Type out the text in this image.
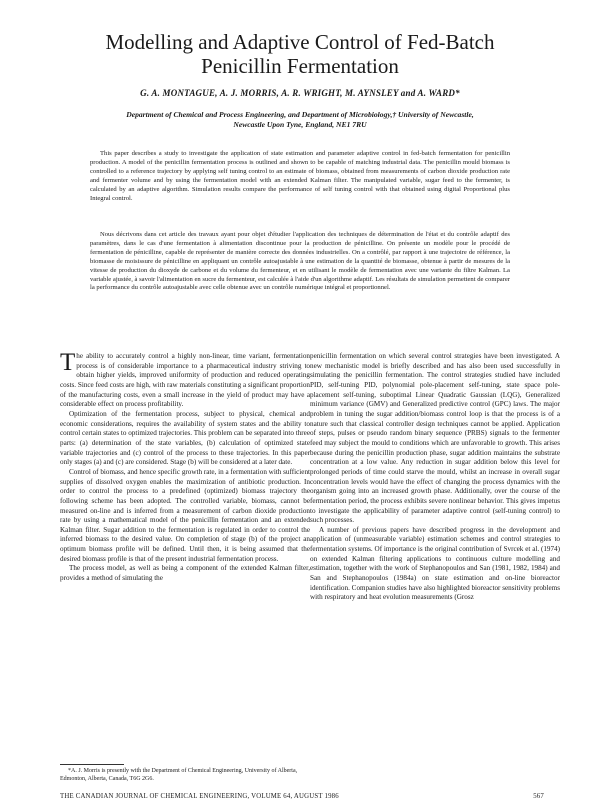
Modelling and Adaptive Control of Fed-Batch
Penicillin Fermentation
G. A. MONTAGUE, A. J. MORRIS, A. R. WRIGHT, M. AYNSLEY and A. WARD*
Department of Chemical and Process Engineering, and Department of Microbiology,† University of Newcastle,
Newcastle Upon Tyne, England, NE1 7RU

This paper describes a study to investigate the application of state estimation and parameter adaptive control in fed-batch fermentation for penicillin production. A model of the penicillin fermentation process is outlined and shown to be capable of matching industrial data. The penicillin mould biomass is controlled to a reference trajectory by applying self tuning control to an estimate of biomass, obtained from measurements of carbon dioxide production rate and fermenter volume and by using the fermentation model with an extended Kalman filter. The manipulated variable, sugar feed to the fermenter, is calculated by an adaptive algorithm. Simulation results compare the performance of self tuning control with that obtained using digital Proportional plus Integral control.

Nous décrivons dans cet article des travaux ayant pour objet d'étudier l'application des techniques de détermination de l'état et du contrôle adaptif des paramètres, dans le cas d'une fermentation à alimentation discontinue pour la production de pénicilline. On présente un modèle pour le procédé de fermentation de pénicilline, capable de représenter de manière correcte des données industrielles. On a contrôlé, par rapport à une trajectoire de référence, la biomasse de moisissure de pénicilline en appliquant un contrôle autoajustable à une estimation de la quantité de biomasse, obtenue à partir de mesures de la vitesse de production du dioxyde de carbone et du volume du fermenteur, et en utilisant le modèle de fermentation avec une variante du filtre Kalman. La variable ajustée, à savoir l'alimentation en sucre du fermenteur, est calculée à l'aide d'un algorithme adaptif. Les résultats de simulation permettent de comparer la performance du contrôle autoajustable avec celle obtenue avec un contrôle numérique intégral et proportionnel.

The ability to accurately control a highly non-linear, time variant, fermentation process is of considerable importance to a pharmaceutical industry striving to obtain higher yields, improved uniformity of production and reduced operating costs. Since feed costs are high, with raw materials constituting a significant proportion of the manufacturing costs, even a small increase in the yield of product may have a considerable effect on process profitability.

Optimization of the fermentation process, subject to physical, chemical and economic considerations, requires the availability of system states and the ability to control certain states to optimized trajectories. This problem can be separated into three parts: (a) determination of the state variables, (b) calculation of optimized state variable trajectories and (c) control of the process to these trajectories. In this paper only stages (a) and (c) are considered. Stage (b) will be considered at a later date.

Control of biomass, and hence specific growth rate, in a fermentation with sufficient supplies of dissolved oxygen enables the maximization of antibiotic production. In order to control the process to a predefined (optimized) biomass trajectory the following scheme has been adopted. The controlled variable, biomass, cannot be measured on-line and is inferred from a measurement of carbon dioxide production rate by using a mathematical model of the penicillin fermentation and an extended Kalman filter. Sugar addition to the fermentation is regulated in order to control the inferred biomass to the desired value. On completion of stage (b) of the project an optimum biomass profile will be defined. Until then, it is being assumed that the desired biomass profile is that of the present industrial fermentation process.

The process model, as well as being a component of the extended Kalman filter, provides a method of simulating the

penicillin fermentation on which several control strategies have been investigated. A new mechanistic model is briefly described and has also been used successfully in simulating the penicillin fermentation. The control strategies studied have included PID, self-tuning PID, polynomial pole-placement self-tuning, state space pole-placement self-tuning, suboptimal Linear Quadratic Gaussian (LQG), Generalized minimum variance (GMV) and Generalized predictive control (GPC) laws. The major problem in tuning the sugar addition/biomass control loop is that the process is of a nature such that classical controller design techniques cannot be applied. Application of steps, pulses or pseudo random binary sequence (PRBS) signals to the fermenter feed may subject the mould to conditions which are unfavorable to growth. This arises because during the penicillin production phase, sugar addition maintains the substrate concentration at a low value. Any reduction in sugar addition below this level for prolonged periods of time could starve the mould, whilst an increase in overall sugar concentration levels would have the effect of changing the process dynamics with the organism going into an increased growth phase. Additionally, over the course of the fermentation period, the process exhibits severe nonlinear behavior. This gives impetus to investigate the applicability of parameter adaptive control (self-tuning control) to such processes.

A number of previous papers have described progress in the development and application of (unmeasurable variable) estimation schemes and control strategies to fermentation systems. Of importance is the original contribution of Svrcek et al. (1974) on extended Kalman filtering applications to continuous culture modelling and estimation, together with the work of Stephanopoulos and San (1981, 1982, 1984) and San and Stephanopoulos (1984a) on state estimation and on-line bioreactor identification. Companion studies have also highlighted bioreactor sensitivity problems with respiratory and heat evolution measurements (Grosz

*A. J. Morris is presently with the Department of Chemical Engineering, University of Alberta, Edmonton, Alberta, Canada, T6G 2G6.

THE CANADIAN JOURNAL OF CHEMICAL ENGINEERING, VOLUME 64, AUGUST 1986	567
